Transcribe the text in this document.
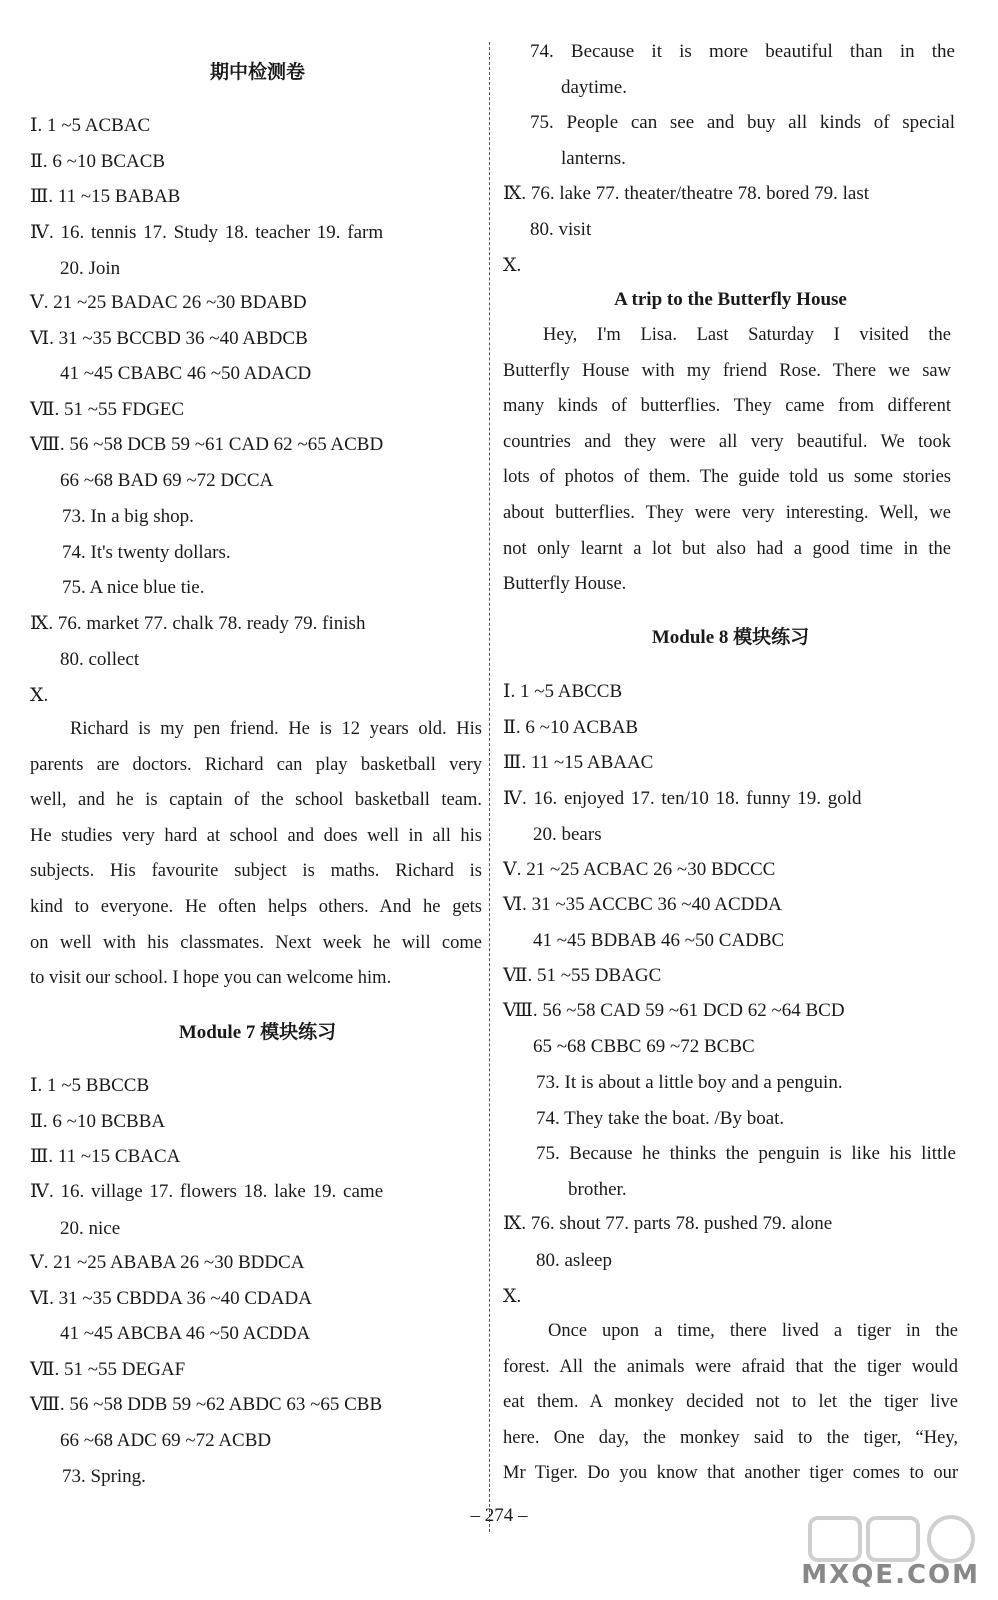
期中检测卷
Ⅰ. 1 ~5 ACBAC
Ⅱ. 6 ~10 BCACB
Ⅲ. 11 ~15 BABAB
Ⅳ. 16. tennis 17. Study 18. teacher 19. farm
20. Join
Ⅴ. 21 ~25 BADAC 26 ~30 BDABD
Ⅵ. 31 ~35 BCCBD 36 ~40 ABDCB
41 ~45 CBABC 46 ~50 ADACD
Ⅶ. 51 ~55 FDGEC
Ⅷ. 56 ~58 DCB 59 ~61 CAD 62 ~65 ACBD
66 ~68 BAD 69 ~72 DCCA
73. In a big shop.
74. It's twenty dollars.
75. A nice blue tie.
Ⅸ. 76. market 77. chalk 78. ready 79. finish
80. collect
Ⅹ.
Richard is my pen friend. He is 12 years old. His
parents are doctors. Richard can play basketball very
well, and he is captain of the school basketball team.
He studies very hard at school and does well in all his
subjects. His favourite subject is maths. Richard is
kind to everyone. He often helps others. And he gets
on well with his classmates. Next week he will come
to visit our school. I hope you can welcome him.
Module 7 模块练习
Ⅰ. 1 ~5 BBCCB
Ⅱ. 6 ~10 BCBBA
Ⅲ. 11 ~15 CBACA
Ⅳ. 16. village 17. flowers 18. lake 19. came
20. nice
Ⅴ. 21 ~25 ABABA 26 ~30 BDDCA
Ⅵ. 31 ~35 CBDDA 36 ~40 CDADA
41 ~45 ABCBA 46 ~50 ACDDA
Ⅶ. 51 ~55 DEGAF
Ⅷ. 56 ~58 DDB 59 ~62 ABDC 63 ~65 CBB
66 ~68 ADC 69 ~72 ACBD
73. Spring.
74. Because it is more beautiful than in the
daytime.
75. People can see and buy all kinds of special
lanterns.
Ⅸ. 76. lake 77. theater/theatre 78. bored 79. last
80. visit
Ⅹ.
A trip to the Butterfly House
Hey, I'm Lisa. Last Saturday I visited the
Butterfly House with my friend Rose. There we saw
many kinds of butterflies. They came from different
countries and they were all very beautiful. We took
lots of photos of them. The guide told us some stories
about butterflies. They were very interesting. Well, we
not only learnt a lot but also had a good time in the
Butterfly House.
Module 8 模块练习
Ⅰ. 1 ~5 ABCCB
Ⅱ. 6 ~10 ACBAB
Ⅲ. 11 ~15 ABAAC
Ⅳ. 16. enjoyed 17. ten/10 18. funny 19. gold
20. bears
Ⅴ. 21 ~25 ACBAC 26 ~30 BDCCC
Ⅵ. 31 ~35 ACCBC 36 ~40 ACDDA
41 ~45 BDBAB 46 ~50 CADBC
Ⅶ. 51 ~55 DBAGC
Ⅷ. 56 ~58 CAD 59 ~61 DCD 62 ~64 BCD
65 ~68 CBBC 69 ~72 BCBC
73. It is about a little boy and a penguin.
74. They take the boat. /By boat.
75. Because he thinks the penguin is like his little
brother.
Ⅸ. 76. shout 77. parts 78. pushed 79. alone
80. asleep
Ⅹ.
Once upon a time, there lived a tiger in the
forest. All the animals were afraid that the tiger would
eat them. A monkey decided not to let the tiger live
here. One day, the monkey said to the tiger, “Hey,
Mr Tiger. Do you know that another tiger comes to our
– 274 –
MXQE.COM
